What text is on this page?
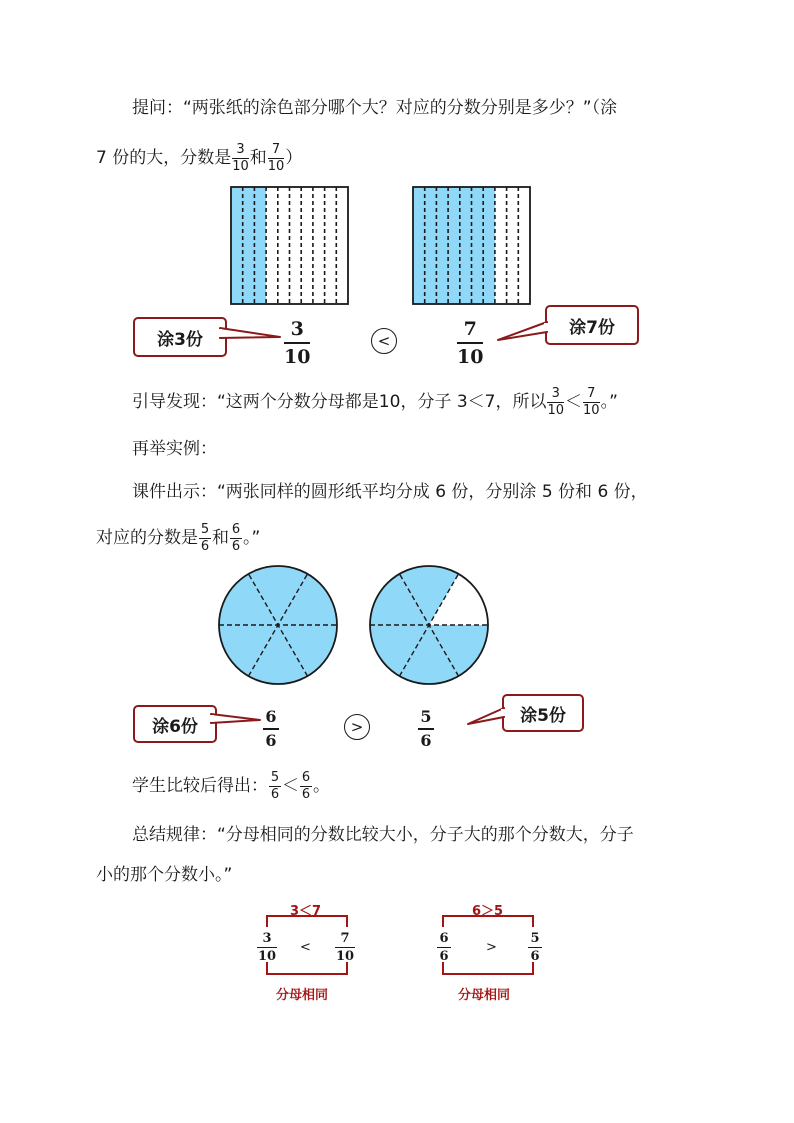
提问：“两张纸的涂色部分哪个大？对应的分数分别是多少？”（涂
7 份的大，分数是 $\frac{3}{10}$ 和 $\frac{7}{10}$ ）
涂3份
涂7份
3
10
<
7
10
引导发现：“这两个分数分母都是10，分子 3＜7，所以 $\frac{3}{10} < \frac{7}{10}$ 。”
再举实例：
课件出示：“两张同样的圆形纸平均分成 6 份，分别涂 5 份和 6 份，
对应的分数是 $\frac{5}{6}$ 和 $\frac{6}{6}$ 。”
涂6份
涂5份
6
6
>
5
6
学生比较后得出： $\frac{5}{6} < \frac{6}{6}$ 。
总结规律：“分母相同的分数比较大小，分子大的那个分数大，分子
小的那个分数小。”
3＜7
3
10
<
7
10
分母相同
6＞5
6
6
>
5
6
分母相同
